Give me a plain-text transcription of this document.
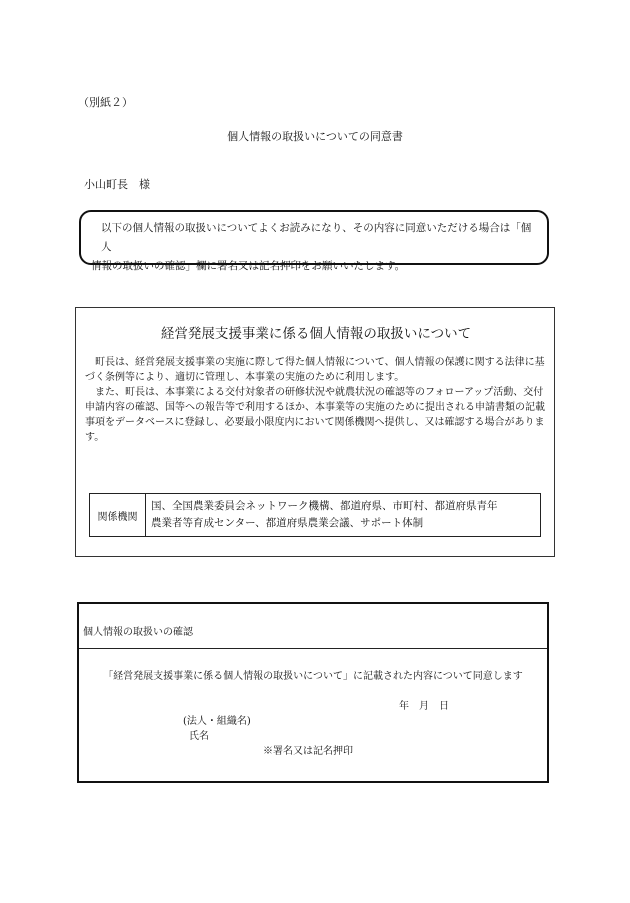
（別紙２）
個人情報の取扱いについての同意書
小山町長　様
以下の個人情報の取扱いについてよくお読みになり、その内容に同意いただける場合は「個人
情報の取扱いの確認」欄に署名又は記名押印をお願いいたします。
経営発展支援事業に係る個人情報の取扱いについて

　町長は、経営発展支援事業の実施に際して得た個人情報について、個人情報の保護に関する法律に基づく条例等により、適切に管理し、本事業の実施のために利用します。

　また、町長は、本事業による交付対象者の研修状況や就農状況の確認等のフォローアップ活動、交付申請内容の確認、国等への報告等で利用するほか、本事業等の実施のために提出される申請書類の記載事項をデータベースに登録し、必要最小限度内において関係機関へ提供し、又は確認する場合があります。

関係機関
国、全国農業委員会ネットワーク機構、都道府県、市町村、都道府県青年
農業者等育成センター、都道府県農業会議、サポート体制
個人情報の取扱いの確認
「経営発展支援事業に係る個人情報の取扱いについて」に記載された内容について同意します
年　月　日
(法人・組織名)
氏名
※署名又は記名押印
